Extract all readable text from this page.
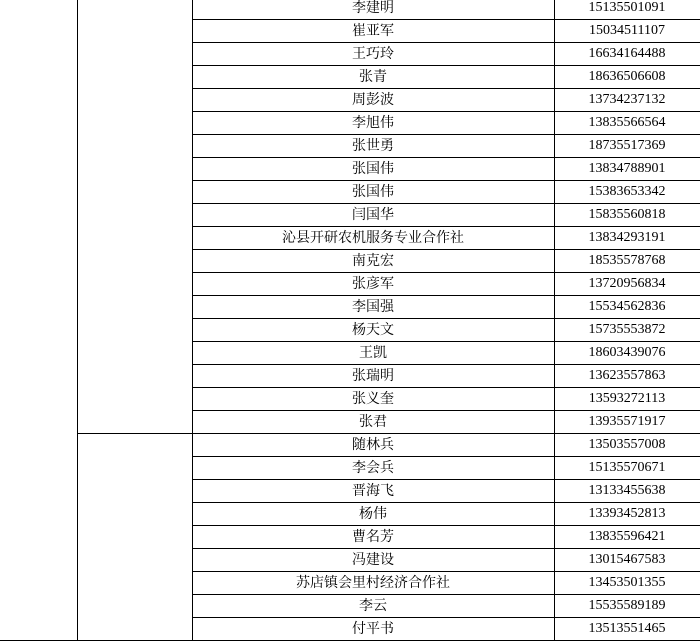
		李建明	15135501091
		崔亚军	15034511107
		王巧玲	16634164488
		张青	18636506608
		周彭波	13734237132
		李旭伟	13835566564
		张世勇	18735517369
		张国伟	13834788901
		张国伟	15383653342
		闫国华	15835560818
		沁县开研农机服务专业合作社	13834293191
		南克宏	18535578768
		张彦军	13720956834
		李国强	15534562836
		杨天文	15735553872
		王凯	18603439076
		张瑞明	13623557863
		张义奎	13593272113
		张君	13935571917
		随林兵	13503557008
		李会兵	15135570671
		晋海飞	13133455638
		杨伟	13393452813
		曹名芳	13835596421
		冯建设	13015467583
		苏店镇会里村经济合作社	13453501355
		李云	15535589189
		付平书	13513551465
